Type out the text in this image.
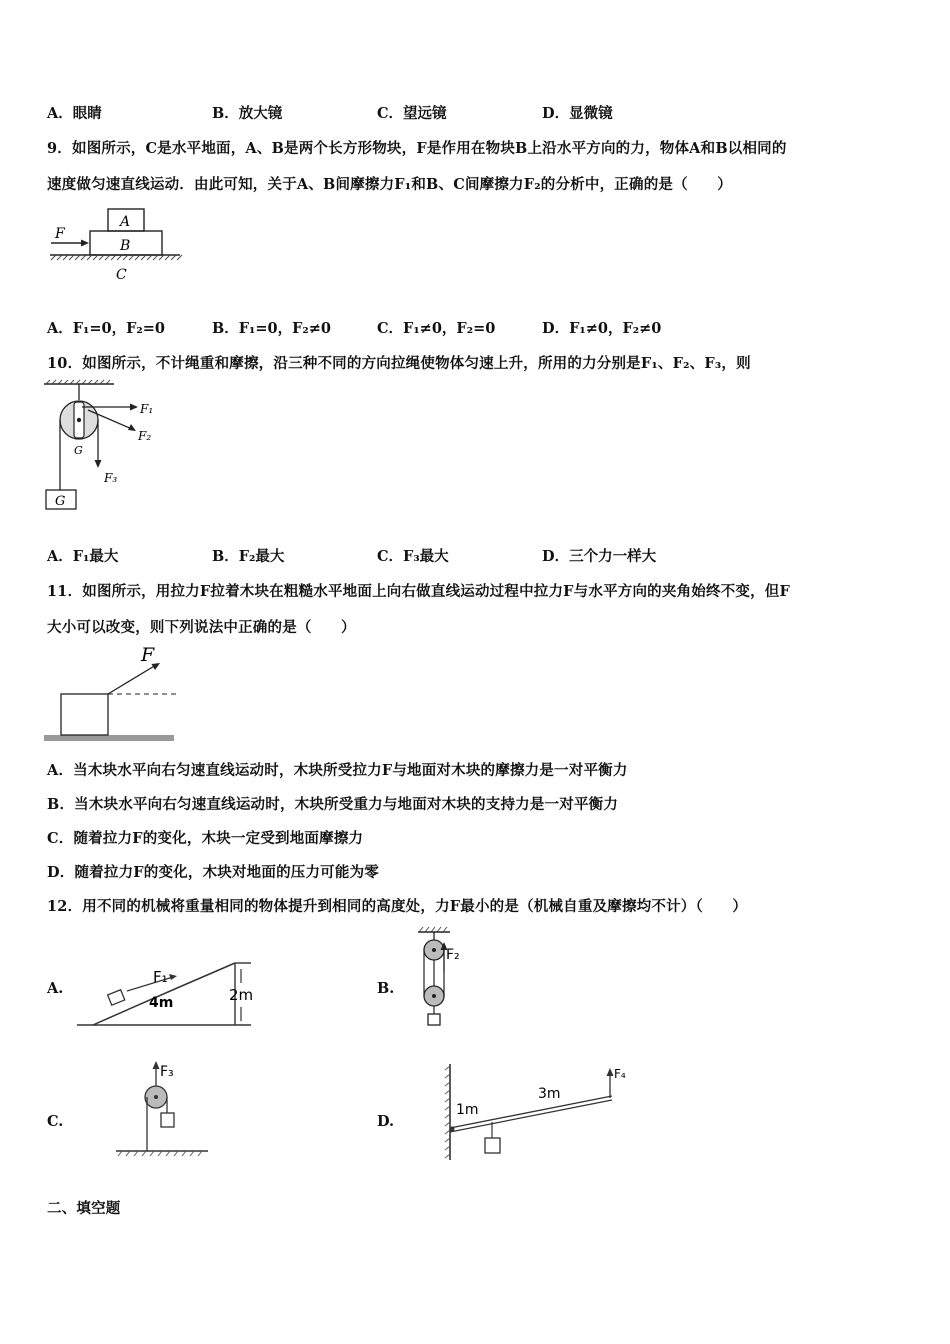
A．眼睛	B．放大镜	C．望远镜	D．显微镜
9．如图所示，C是水平地面，A、B是两个长方形物块，F是作用在物块B上沿水平方向的力，物体A和B以相同的
速度做匀速直线运动．由此可知，关于A、B间摩擦力F₁和B、C间摩擦力F₂的分析中，正确的是（　　）
F
A
B
C
A．F₁=0，F₂=0	B．F₁=0，F₂≠0	C．F₁≠0，F₂=0	D．F₁≠0，F₂≠0
10．如图所示，不计绳重和摩擦，沿三种不同的方向拉绳使物体匀速上升，所用的力分别是F₁、F₂、F₃，则
G
F₁
F₂
F₃
G
A．F₁最大	B．F₂最大	C．F₃最大	D．三个力一样大
11．如图所示，用拉力F拉着木块在粗糙水平地面上向右做直线运动过程中拉力F与水平方向的夹角始终不变，但F
大小可以改变，则下列说法中正确的是（　　）
F
A．当木块水平向右匀速直线运动时，木块所受拉力F与地面对木块的摩擦力是一对平衡力
B．当木块水平向右匀速直线运动时，木块所受重力与地面对木块的支持力是一对平衡力
C．随着拉力F的变化，木块一定受到地面摩擦力
D．随着拉力F的变化，木块对地面的压力可能为零
12．用不同的机械将重量相同的物体提升到相同的高度处，力F最小的是（机械自重及摩擦均不计）（　　）
A.
F₁
4m	2m	B.
F₂
C.
F₃
D.
F₄
1m
3m
二、填空题
